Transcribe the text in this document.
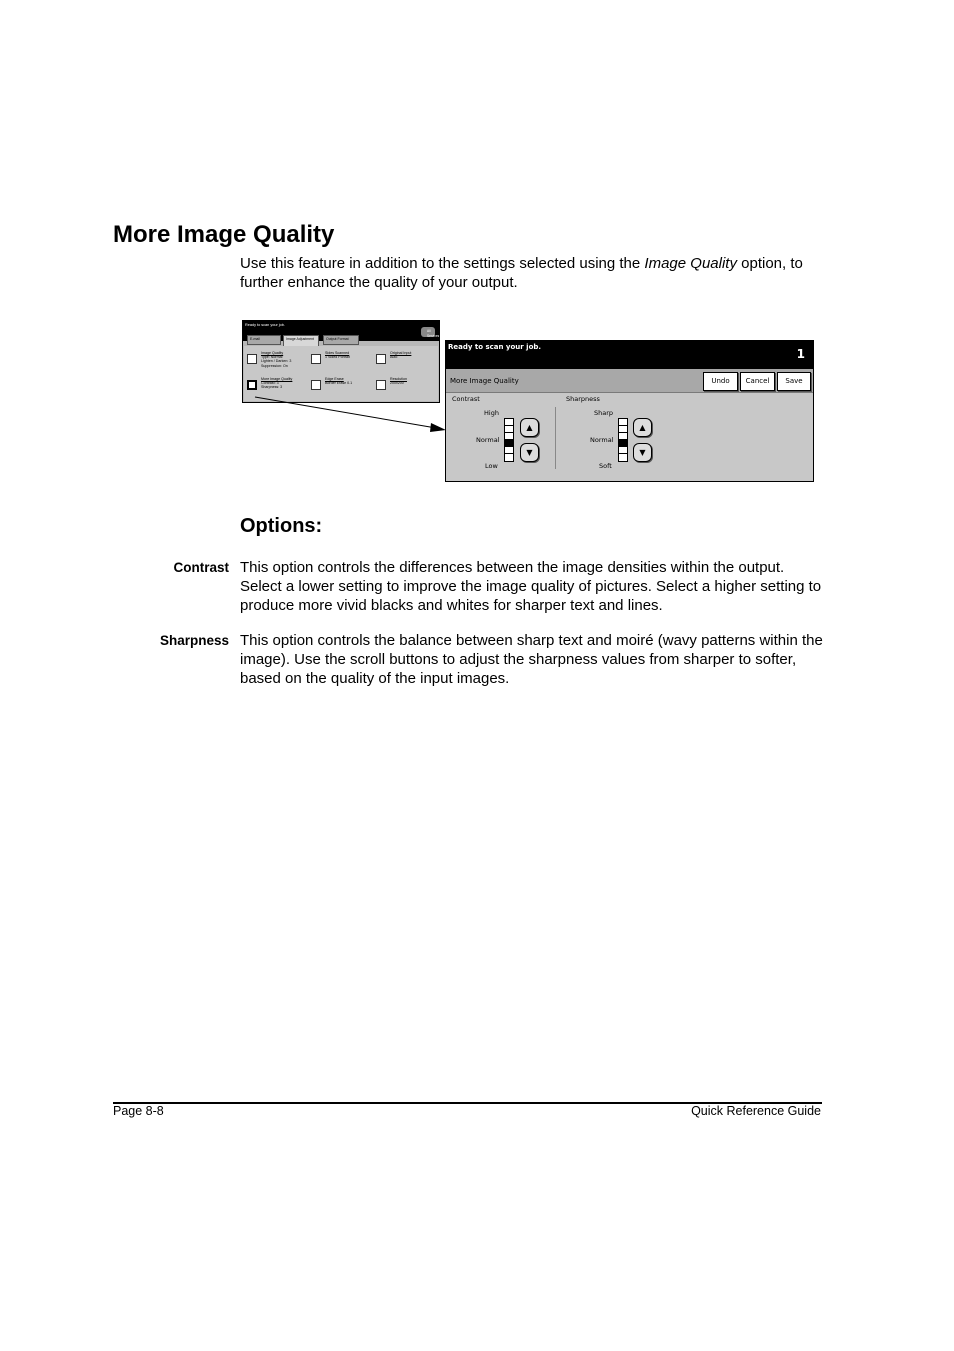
More Image Quality
Use this feature in addition to the settings selected using the Image Quality option, to further enhance the quality of your output.
Ready to scan your job.
All Services
E-mail	Image Adjustment	Output Format
Image Quality
Type: Normal
Lighten / Darken: 3
Suppression: On
Sides Scanned
1 Sided Portrait
Original Input
Auto
More Image Quality
Contrast: 3
Sharpness: 3
Edge Erase
Border Erase 0.1
Resolution
200x200
Ready to scan your job.	1
More Image Quality	Undo	Cancel	Save
Contrast
High
Normal
Low
▲
▼
Sharpness
Sharp
Normal
Soft
▲
▼
Options:
Contrast This option controls the differences between the image densities within the output. Select a lower setting to improve the image quality of pictures. Select a higher setting to produce more vivid blacks and whites for sharper text and lines.
Sharpness This option controls the balance between sharp text and moiré (wavy patterns within the image). Use the scroll buttons to adjust the sharpness values from sharper to softer, based on the quality of the input images.
Page 8-8	Quick Reference Guide
